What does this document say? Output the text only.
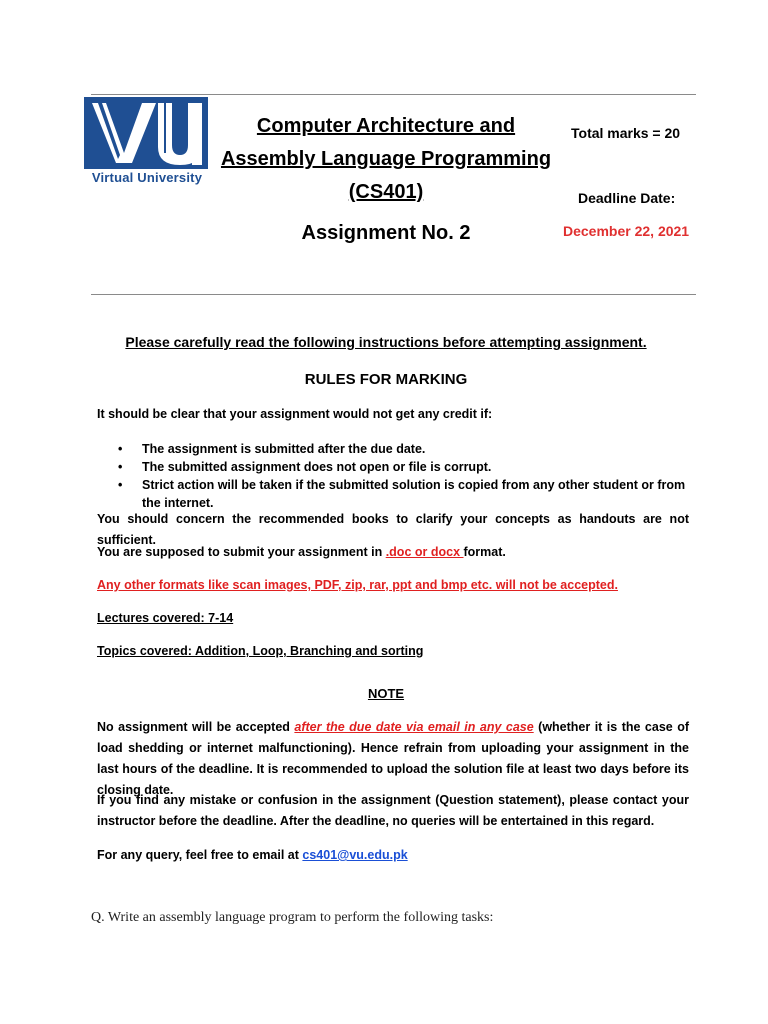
Virtual University
Computer Architecture and
Assembly Language Programming
(CS401)
Assignment No. 2
Total marks = 20
Deadline Date:
December 22, 2021
Please carefully read the following instructions before attempting assignment.
RULES FOR MARKING
It should be clear that your assignment would not get any credit if:
• The assignment is submitted after the due date.
• The submitted assignment does not open or file is corrupt.
• Strict action will be taken if the submitted solution is copied from any other student or from the internet.
You should concern the recommended books to clarify your concepts as handouts are not sufficient.
You are supposed to submit your assignment in .doc or docx format.
Any other formats like scan images, PDF, zip, rar, ppt and bmp etc. will not be accepted.
Lectures covered: 7-14
Topics covered: Addition, Loop, Branching and sorting
NOTE
No assignment will be accepted after the due date via email in any case (whether it is the case of load shedding or internet malfunctioning). Hence refrain from uploading your assignment in the last hours of the deadline. It is recommended to upload the solution file at least two days before its closing date.
If you find any mistake or confusion in the assignment (Question statement), please contact your instructor before the deadline. After the deadline, no queries will be entertained in this regard.
For any query, feel free to email at cs401@vu.edu.pk
Q. Write an assembly language program to perform the following tasks:
